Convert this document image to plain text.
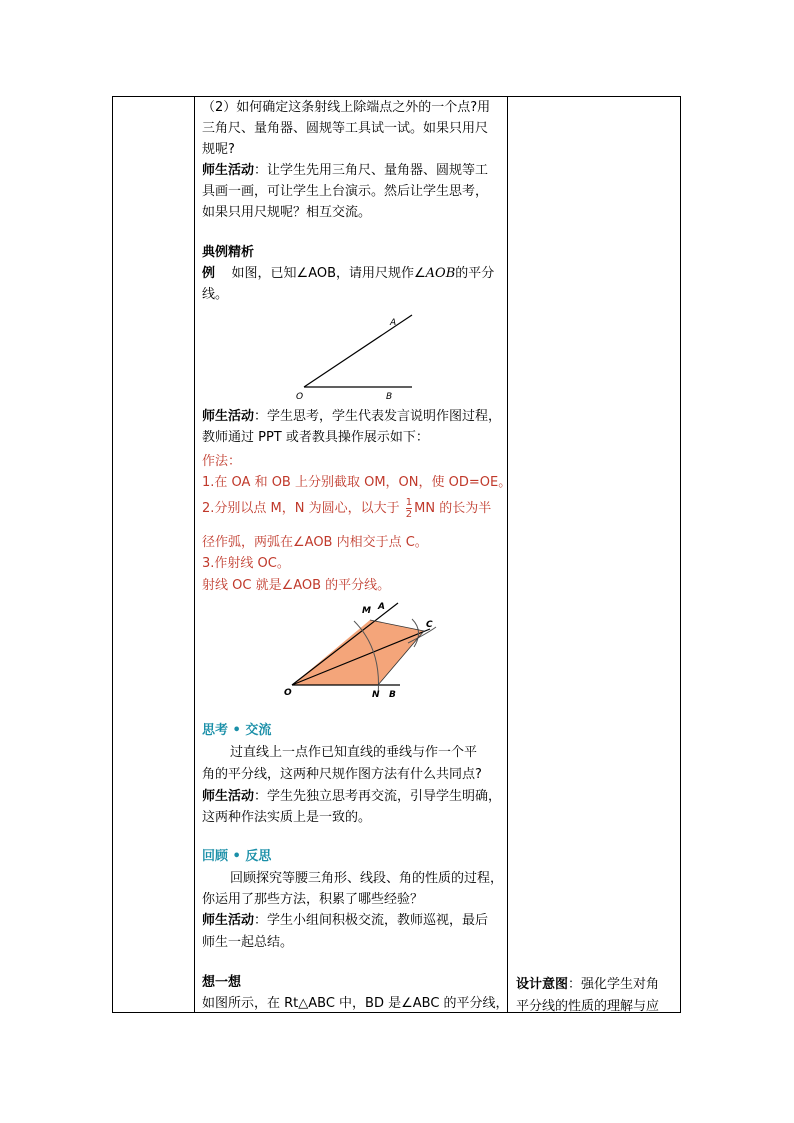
（2）如何确定这条射线上除端点之外的一个点?用
三角尺、量角器、圆规等工具试一试。如果只用尺
规呢?
师生活动：让学生先用三角尺、量角器、圆规等工
具画一画，可让学生上台演示。然后让学生思考，
如果只用尺规呢？相互交流。
典例精析
例 如图，已知∠AOB，请用尺规作∠AOB的平分
线。
A
O	B
师生活动：学生思考，学生代表发言说明作图过程，
教师通过 PPT 或者教具操作展示如下：
作法：
1.在 OA 和 OB 上分别截取 OM，ON，使 OD=OE。
2.分别以点 M，N 为圆心，以大于 $\frac{1}{2}$ MN 的长为半
径作弧，两弧在∠AOB 内相交于点 C。
3.作射线 OC。
射线 OC 就是∠AOB 的平分线。
M A
C
O	N B
思考 • 交流
过直线上一点作已知直线的垂线与作一个平
角的平分线，这两种尺规作图方法有什么共同点?
师生活动：学生先独立思考再交流，引导学生明确，
这两种作法实质上是一致的。
回顾 • 反思
回顾探究等腰三角形、线段、角的性质的过程，
你运用了那些方法，积累了哪些经验？
师生活动：学生小组间积极交流，教师巡视，最后
师生一起总结。
想一想
如图所示，在 Rt△ABC 中，BD 是∠ABC 的平分线，
设计意图：强化学生对角
平分线的性质的理解与应
